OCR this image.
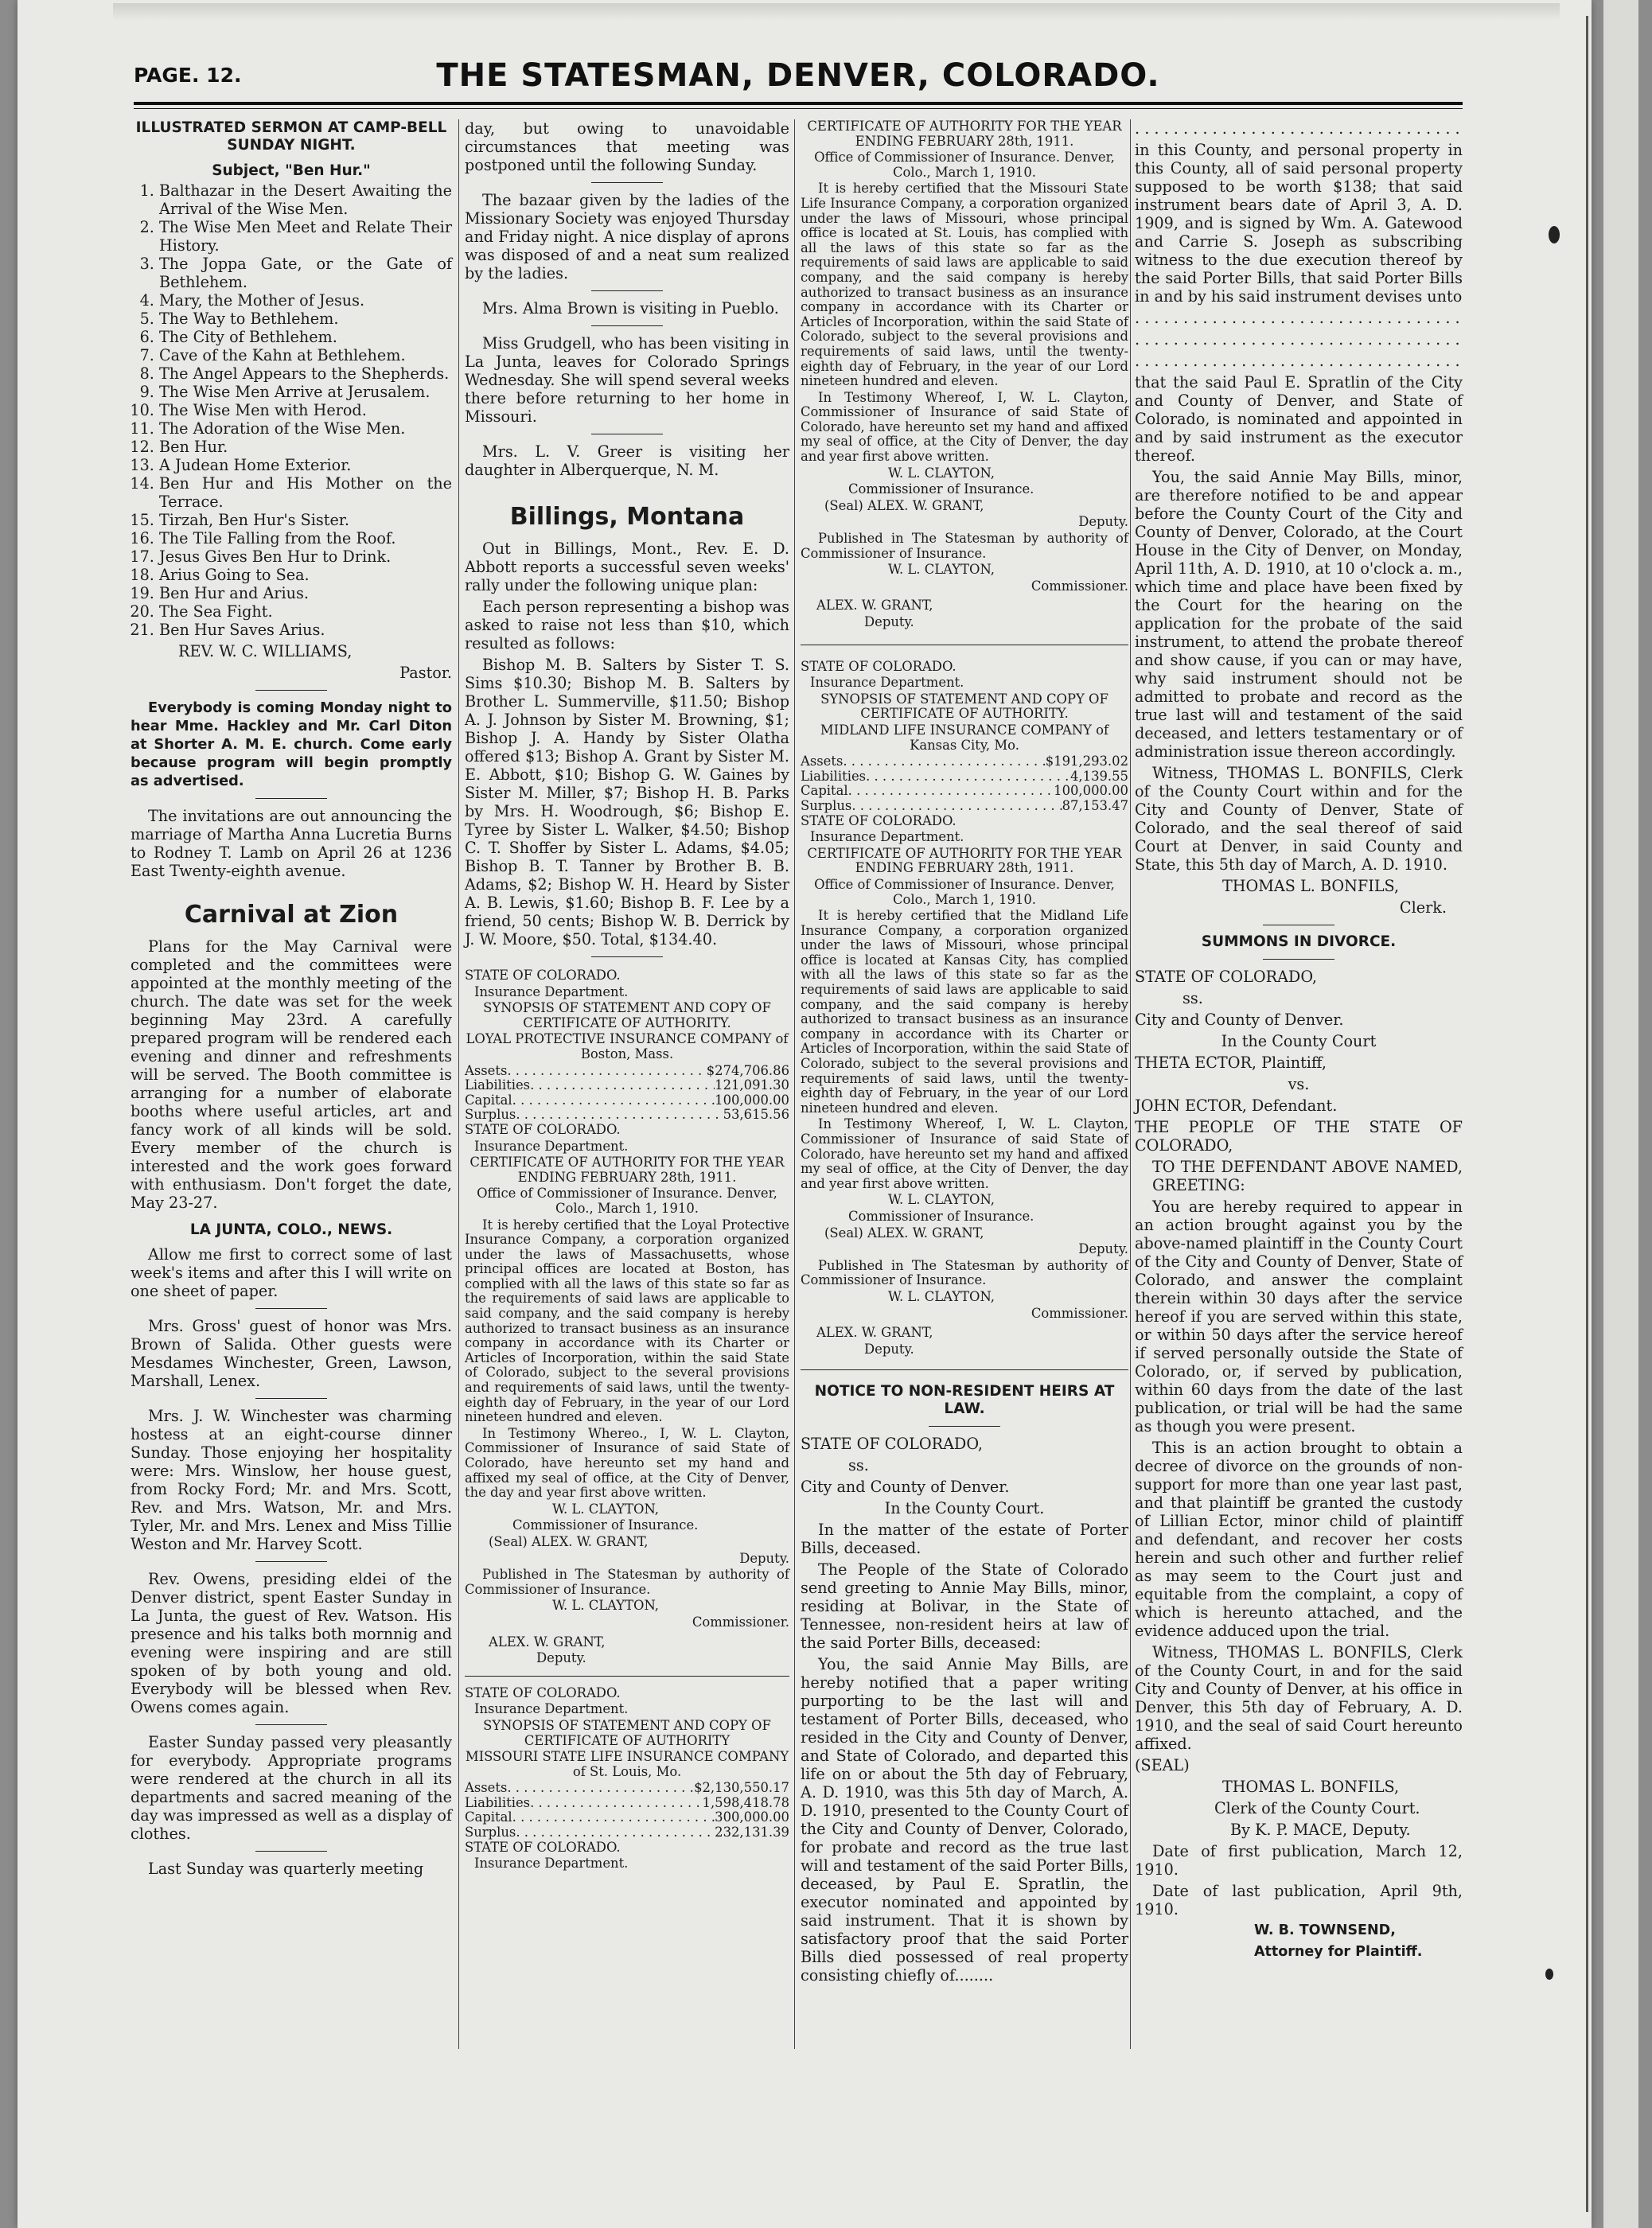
PAGE. 12.	THE STATESMAN, DENVER, COLORADO.
ILLUSTRATED SERMON AT CAMP-BELL SUNDAY NIGHT.
Subject, "Ben Hur."
1. Balthazar in the Desert Awaiting the Arrival of the Wise Men.
2. The Wise Men Meet and Relate Their History.
3. The Joppa Gate, or the Gate of Bethlehem.
4. Mary, the Mother of Jesus.
5. The Way to Bethlehem.
6. The City of Bethlehem.
7. Cave of the Kahn at Bethlehem.
8. The Angel Appears to the Shepherds.
9. The Wise Men Arrive at Jerusalem.
10. The Wise Men with Herod.
11. The Adoration of the Wise Men.
12. Ben Hur.
13. A Judean Home Exterior.
14. Ben Hur and His Mother on the Terrace.
15. Tirzah, Ben Hur's Sister.
16. The Tile Falling from the Roof.
17. Jesus Gives Ben Hur to Drink.
18. Arius Going to Sea.
19. Ben Hur and Arius.
20. The Sea Fight.
21. Ben Hur Saves Arius.

REV. W. C. WILLIAMS,

Pastor.

Everybody is coming Monday night to hear Mme. Hackley and Mr. Carl Diton at Shorter A. M. E. church. Come early because program will begin promptly as advertised.

The invitations are out announcing the marriage of Martha Anna Lucretia Burns to Rodney T. Lamb on April 26 at 1236 East Twenty-eighth avenue.

Carnival at Zion

Plans for the May Carnival were completed and the committees were appointed at the monthly meeting of the church. The date was set for the week beginning May 23rd. A carefully prepared program will be rendered each evening and dinner and refreshments will be served. The Booth committee is arranging for a number of elaborate booths where useful articles, art and fancy work of all kinds will be sold. Every member of the church is interested and the work goes forward with enthusiasm. Don't forget the date, May 23-27.

LA JUNTA, COLO., NEWS.

Allow me first to correct some of last week's items and after this I will write on one sheet of paper.

Mrs. Gross' guest of honor was Mrs. Brown of Salida. Other guests were Mesdames Winchester, Green, Lawson, Marshall, Lenex.

Mrs. J. W. Winchester was charming hostess at an eight-course dinner Sunday. Those enjoying her hospitality were: Mrs. Winslow, her house guest, from Rocky Ford; Mr. and Mrs. Scott, Rev. and Mrs. Watson, Mr. and Mrs. Tyler, Mr. and Mrs. Lenex and Miss Tillie Weston and Mr. Harvey Scott.

Rev. Owens, presiding eldei of the Denver district, spent Easter Sunday in La Junta, the guest of Rev. Watson. His presence and his talks both mornnig and evening were inspiring and are still spoken of by both young and old. Everybody will be blessed when Rev. Owens comes again.

Easter Sunday passed very pleasantly for everybody. Appropriate programs were rendered at the church in all its departments and sacred meaning of the day was impressed as well as a display of clothes.

Last Sunday was quarterly meeting

day, but owing to unavoidable circumstances that meeting was postponed until the following Sunday.

The bazaar given by the ladies of the Missionary Society was enjoyed Thursday and Friday night. A nice display of aprons was disposed of and a neat sum realized by the ladies.

Mrs. Alma Brown is visiting in Pueblo.

Miss Grudgell, who has been visiting in La Junta, leaves for Colorado Springs Wednesday. She will spend several weeks there before returning to her home in Missouri.

Mrs. L. V. Greer is visiting her daughter in Alberquerque, N. M.

Billings, Montana

Out in Billings, Mont., Rev. E. D. Abbott reports a successful seven weeks' rally under the following unique plan:

Each person representing a bishop was asked to raise not less than $10, which resulted as follows:

Bishop M. B. Salters by Sister T. S. Sims $10.30; Bishop M. B. Salters by Brother L. Summerville, $11.50; Bishop A. J. Johnson by Sister M. Browning, $1; Bishop J. A. Handy by Sister Olatha offered $13; Bishop A. Grant by Sister M. E. Abbott, $10; Bishop G. W. Gaines by Sister M. Miller, $7; Bishop H. B. Parks by Mrs. H. Woodrough, $6; Bishop E. Tyree by Sister L. Walker, $4.50; Bishop C. T. Shoffer by Sister L. Adams, $4.05; Bishop B. T. Tanner by Brother B. B. Adams, $2; Bishop W. H. Heard by Sister A. B. Lewis, $1.60; Bishop B. F. Lee by a friend, 50 cents; Bishop W. B. Derrick by J. W. Moore, $50. Total, $134.40.

STATE OF COLORADO.

Insurance Department.

SYNOPSIS OF STATEMENT AND COPY OF CERTIFICATE OF AUTHORITY.

LOYAL PROTECTIVE INSURANCE COMPANY of Boston, Mass.

Assets . . .	$274,706.86
Liabilities . . .	121,091.30
Capital . . .	100,000.00
Surplus . . .	53,615.56

STATE OF COLORADO.

Insurance Department.

CERTIFICATE OF AUTHORITY FOR THE YEAR ENDING FEBRUARY 28th, 1911.

Office of Commissioner of Insurance. Denver, Colo., March 1, 1910.

It is hereby certified that the Loyal Protective Insurance Company, a corporation organized under the laws of Massachusetts, whose principal offices are located at Boston, has complied with all the laws of this state so far as the requirements of said laws are applicable to said company, and the said company is hereby authorized to transact business as an insurance company in accordance with its Charter or Articles of Incorporation, within the said State of Colorado, subject to the several provisions and requirements of said laws, until the twenty-eighth day of February, in the year of our Lord nineteen hundred and eleven.

In Testimony Whereo., I, W. L. Clayton, Commissioner of Insurance of said State of Colorado, have hereunto set my hand and affixed my seal of office, at the City of Denver, the day and year first above written.

W. L. CLAYTON,

Commissioner of Insurance.

(Seal) ALEX. W. GRANT,

Deputy.

Published in The Statesman by authority of Commissioner of Insurance.

W. L. CLAYTON,

Commissioner.

ALEX. W. GRANT,

Deputy.

STATE OF COLORADO.

Insurance Department.

SYNOPSIS OF STATEMENT AND COPY OF CERTIFICATE OF AUTHORITY

MISSOURI STATE LIFE INSURANCE COMPANY of St. Louis, Mo.

Assets . . .	$2,130,550.17
Liabilities . . .	1,598,418.78
Capital . . .	300,000.00
Surplus . . .	232,131.39

STATE OF COLORADO.

Insurance Department.

CERTIFICATE OF AUTHORITY FOR THE YEAR ENDING FEBRUARY 28th, 1911.

Office of Commissioner of Insurance. Denver, Colo., March 1, 1910.

It is hereby certified that the Missouri State Life Insurance Company, a corporation organized under the laws of Missouri, whose principal office is located at St. Louis, has complied with all the laws of this state so far as the requirements of said laws are applicable to said company, and the said company is hereby authorized to transact business as an insurance company in accordance with its Charter or Articles of Incorporation, within the said State of Colorado, subject to the several provisions and requirements of said laws, until the twenty-eighth day of February, in the year of our Lord nineteen hundred and eleven.

In Testimony Whereof, I, W. L. Clayton, Commissioner of Insurance of said State of Colorado, have hereunto set my hand and affixed my seal of office, at the City of Denver, the day and year first above written.

W. L. CLAYTON,

Commissioner of Insurance.

(Seal) ALEX. W. GRANT,

Deputy.

Published in The Statesman by authority of Commissioner of Insurance.

W. L. CLAYTON,

Commissioner.

ALEX. W. GRANT,

Deputy.

STATE OF COLORADO.

Insurance Department.

SYNOPSIS OF STATEMENT AND COPY OF CERTIFICATE OF AUTHORITY.

MIDLAND LIFE INSURANCE COMPANY of Kansas City, Mo.

Assets . . .	$191,293.02
Liabilities . . .	4,139.55
Capital . . .	100,000.00
Surplus . . .	87,153.47

STATE OF COLORADO.

Insurance Department.

CERTIFICATE OF AUTHORITY FOR THE YEAR ENDING FEBRUARY 28th, 1911.

Office of Commissioner of Insurance. Denver, Colo., March 1, 1910.

It is hereby certified that the Midland Life Insurance Company, a corporation organized under the laws of Missouri, whose principal office is located at Kansas City, has complied with all the laws of this state so far as the requirements of said laws are applicable to said company, and the said company is hereby authorized to transact business as an insurance company in accordance with its Charter or Articles of Incorporation, within the said State of Colorado, subject to the several provisions and requirements of said laws, until the twenty-eighth day of February, in the year of our Lord nineteen hundred and eleven.

In Testimony Whereof, I, W. L. Clayton, Commissioner of Insurance of said State of Colorado, have hereunto set my hand and affixed my seal of office, at the City of Denver, the day and year first above written.

W. L. CLAYTON,

Commissioner of Insurance.

(Seal) ALEX. W. GRANT,

Deputy.

Published in The Statesman by authority of Commissioner of Insurance.

W. L. CLAYTON,

Commissioner.

ALEX. W. GRANT,

Deputy.

NOTICE TO NON-RESIDENT HEIRS AT LAW.

STATE OF COLORADO,

ss.

City and County of Denver.

In the County Court.

In the matter of the estate of Porter Bills, deceased.

The People of the State of Colorado send greeting to Annie May Bills, minor, residing at Bolivar, in the State of Tennessee, non-resident heirs at law of the said Porter Bills, deceased:

You, the said Annie May Bills, are hereby notified that a paper writing purporting to be the last will and testament of Porter Bills, deceased, who resided in the City and County of Denver, and State of Colorado, and departed this life on or about the 5th day of February, A. D. 1910, was this 5th day of March, A. D. 1910, presented to the County Court of the City and County of Denver, Colorado, for probate and record as the true last will and testament of the said Porter Bills, deceased, by Paul E. Spratlin, the executor nominated and appointed by said instrument. That it is shown by satisfactory proof that the said Porter Bills died possessed of real property consisting chiefly of........

. . .

in this County, and personal property in this County, all of said personal property supposed to be worth $138; that said instrument bears date of April 3, A. D. 1909, and is signed by Wm. A. Gatewood and Carrie S. Joseph as subscribing witness to the due execution thereof by the said Porter Bills, that said Porter Bills in and by his said instrument devises unto

. . .

. . .

. . .

that the said Paul E. Spratlin of the City and County of Denver, and State of Colorado, is nominated and appointed in and by said instrument as the executor thereof.

You, the said Annie May Bills, minor, are therefore notified to be and appear before the County Court of the City and County of Denver, Colorado, at the Court House in the City of Denver, on Monday, April 11th, A. D. 1910, at 10 o'clock a. m., which time and place have been fixed by the Court for the hearing on the application for the probate of the said instrument, to attend the probate thereof and show cause, if you can or may have, why said instrument should not be admitted to probate and record as the true last will and testament of the said deceased, and letters testamentary or of administration issue thereon accordingly.

Witness, THOMAS L. BONFILS, Clerk of the County Court within and for the City and County of Denver, State of Colorado, and the seal thereof of said Court at Denver, in said County and State, this 5th day of March, A. D. 1910.

THOMAS L. BONFILS,

Clerk.

SUMMONS IN DIVORCE.

STATE OF COLORADO,

ss.

City and County of Denver.

In the County Court

THETA ECTOR, Plaintiff,

vs.

JOHN ECTOR, Defendant.

THE PEOPLE OF THE STATE OF COLORADO,

TO THE DEFENDANT ABOVE NAMED, GREETING:

You are hereby required to appear in an action brought against you by the above-named plaintiff in the County Court of the City and County of Denver, State of Colorado, and answer the complaint therein within 30 days after the service hereof if you are served within this state, or within 50 days after the service hereof if served personally outside the State of Colorado, or, if served by publication, within 60 days from the date of the last publication, or trial will be had the same as though you were present.

This is an action brought to obtain a decree of divorce on the grounds of non-support for more than one year last past, and that plaintiff be granted the custody of Lillian Ector, minor child of plaintiff and defendant, and recover her costs herein and such other and further relief as may seem to the Court just and equitable from the complaint, a copy of which is hereunto attached, and the evidence adduced upon the trial.

Witness, THOMAS L. BONFILS, Clerk of the County Court, in and for the said City and County of Denver, at his office in Denver, this 5th day of February, A. D. 1910, and the seal of said Court hereunto affixed.

(SEAL)

THOMAS L. BONFILS,

Clerk of the County Court.

By K. P. MACE, Deputy.

Date of first publication, March 12, 1910.

Date of last publication, April 9th, 1910.

W. B. TOWNSEND,

Attorney for Plaintiff.
